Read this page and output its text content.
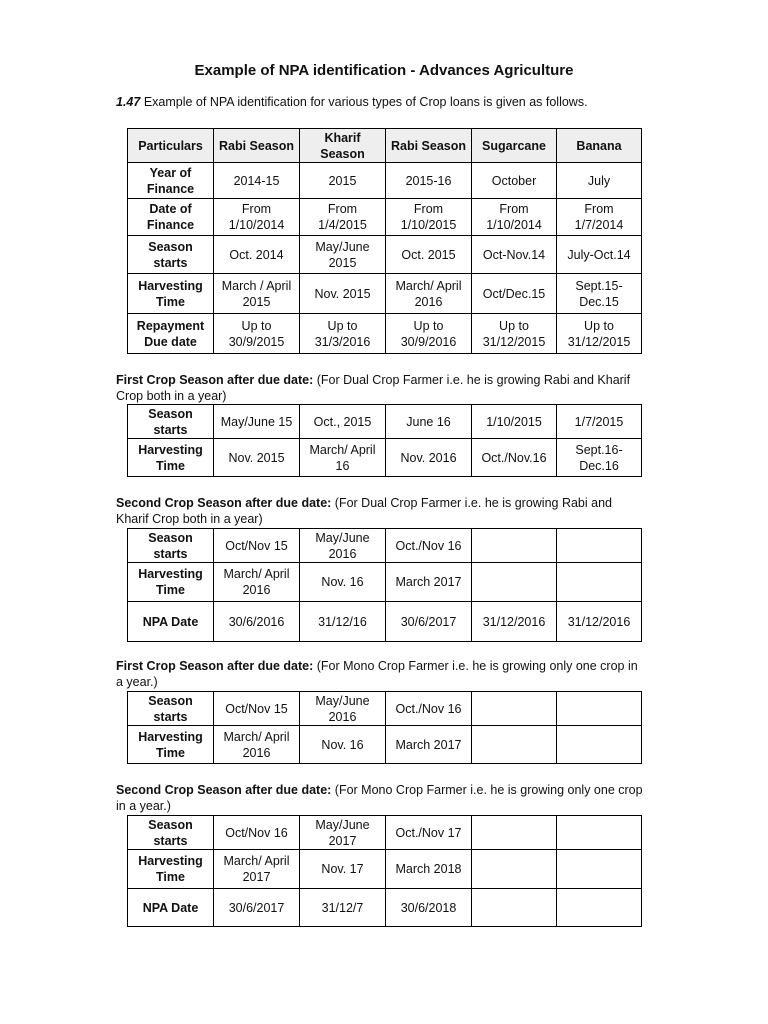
Example of NPA identification - Advances Agriculture
1.47 Example of NPA identification for various types of Crop loans is given as follows.
Particulars	Rabi Season	Kharif Season	Rabi Season	Sugarcane	Banana
Year of Finance	2014-15	2015	2015-16	October	July
Date of Finance	From 1/10/2014	From 1/4/2015	From 1/10/2015	From 1/10/2014	From 1/7/2014
Season starts	Oct. 2014	May/June 2015	Oct. 2015	Oct-Nov.14	July-Oct.14
Harvesting Time	March / April 2015	Nov. 2015	March/ April 2016	Oct/Dec.15	Sept.15-Dec.15
Repayment Due date	Up to 30/9/2015	Up to 31/3/2016	Up to 30/9/2016	Up to 31/12/2015	Up to 31/12/2015
First Crop Season after due date: (For Dual Crop Farmer i.e. he is growing Rabi and Kharif Crop both in a year)
Season starts	May/June 15	Oct., 2015	June 16	1/10/2015	1/7/2015
Harvesting Time	Nov. 2015	March/ April 16	Nov. 2016	Oct./Nov.16	Sept.16-Dec.16
Second Crop Season after due date: (For Dual Crop Farmer i.e. he is growing Rabi and Kharif Crop both in a year)
Season starts	Oct/Nov 15	May/June 2016	Oct./Nov 16		
Harvesting Time	March/ April 2016	Nov. 16	March 2017		
NPA Date	30/6/2016	31/12/16	30/6/2017	31/12/2016	31/12/2016
First Crop Season after due date: (For Mono Crop Farmer i.e. he is growing only one crop in a year.)
Season starts	Oct/Nov 15	May/June 2016	Oct./Nov 16		
Harvesting Time	March/ April 2016	Nov. 16	March 2017		
Second Crop Season after due date: (For Mono Crop Farmer i.e. he is growing only one crop in a year.)
Season starts	Oct/Nov 16	May/June 2017	Oct./Nov 17		
Harvesting Time	March/ April 2017	Nov. 17	March 2018		
NPA Date	30/6/2017	31/12/7	30/6/2018		
